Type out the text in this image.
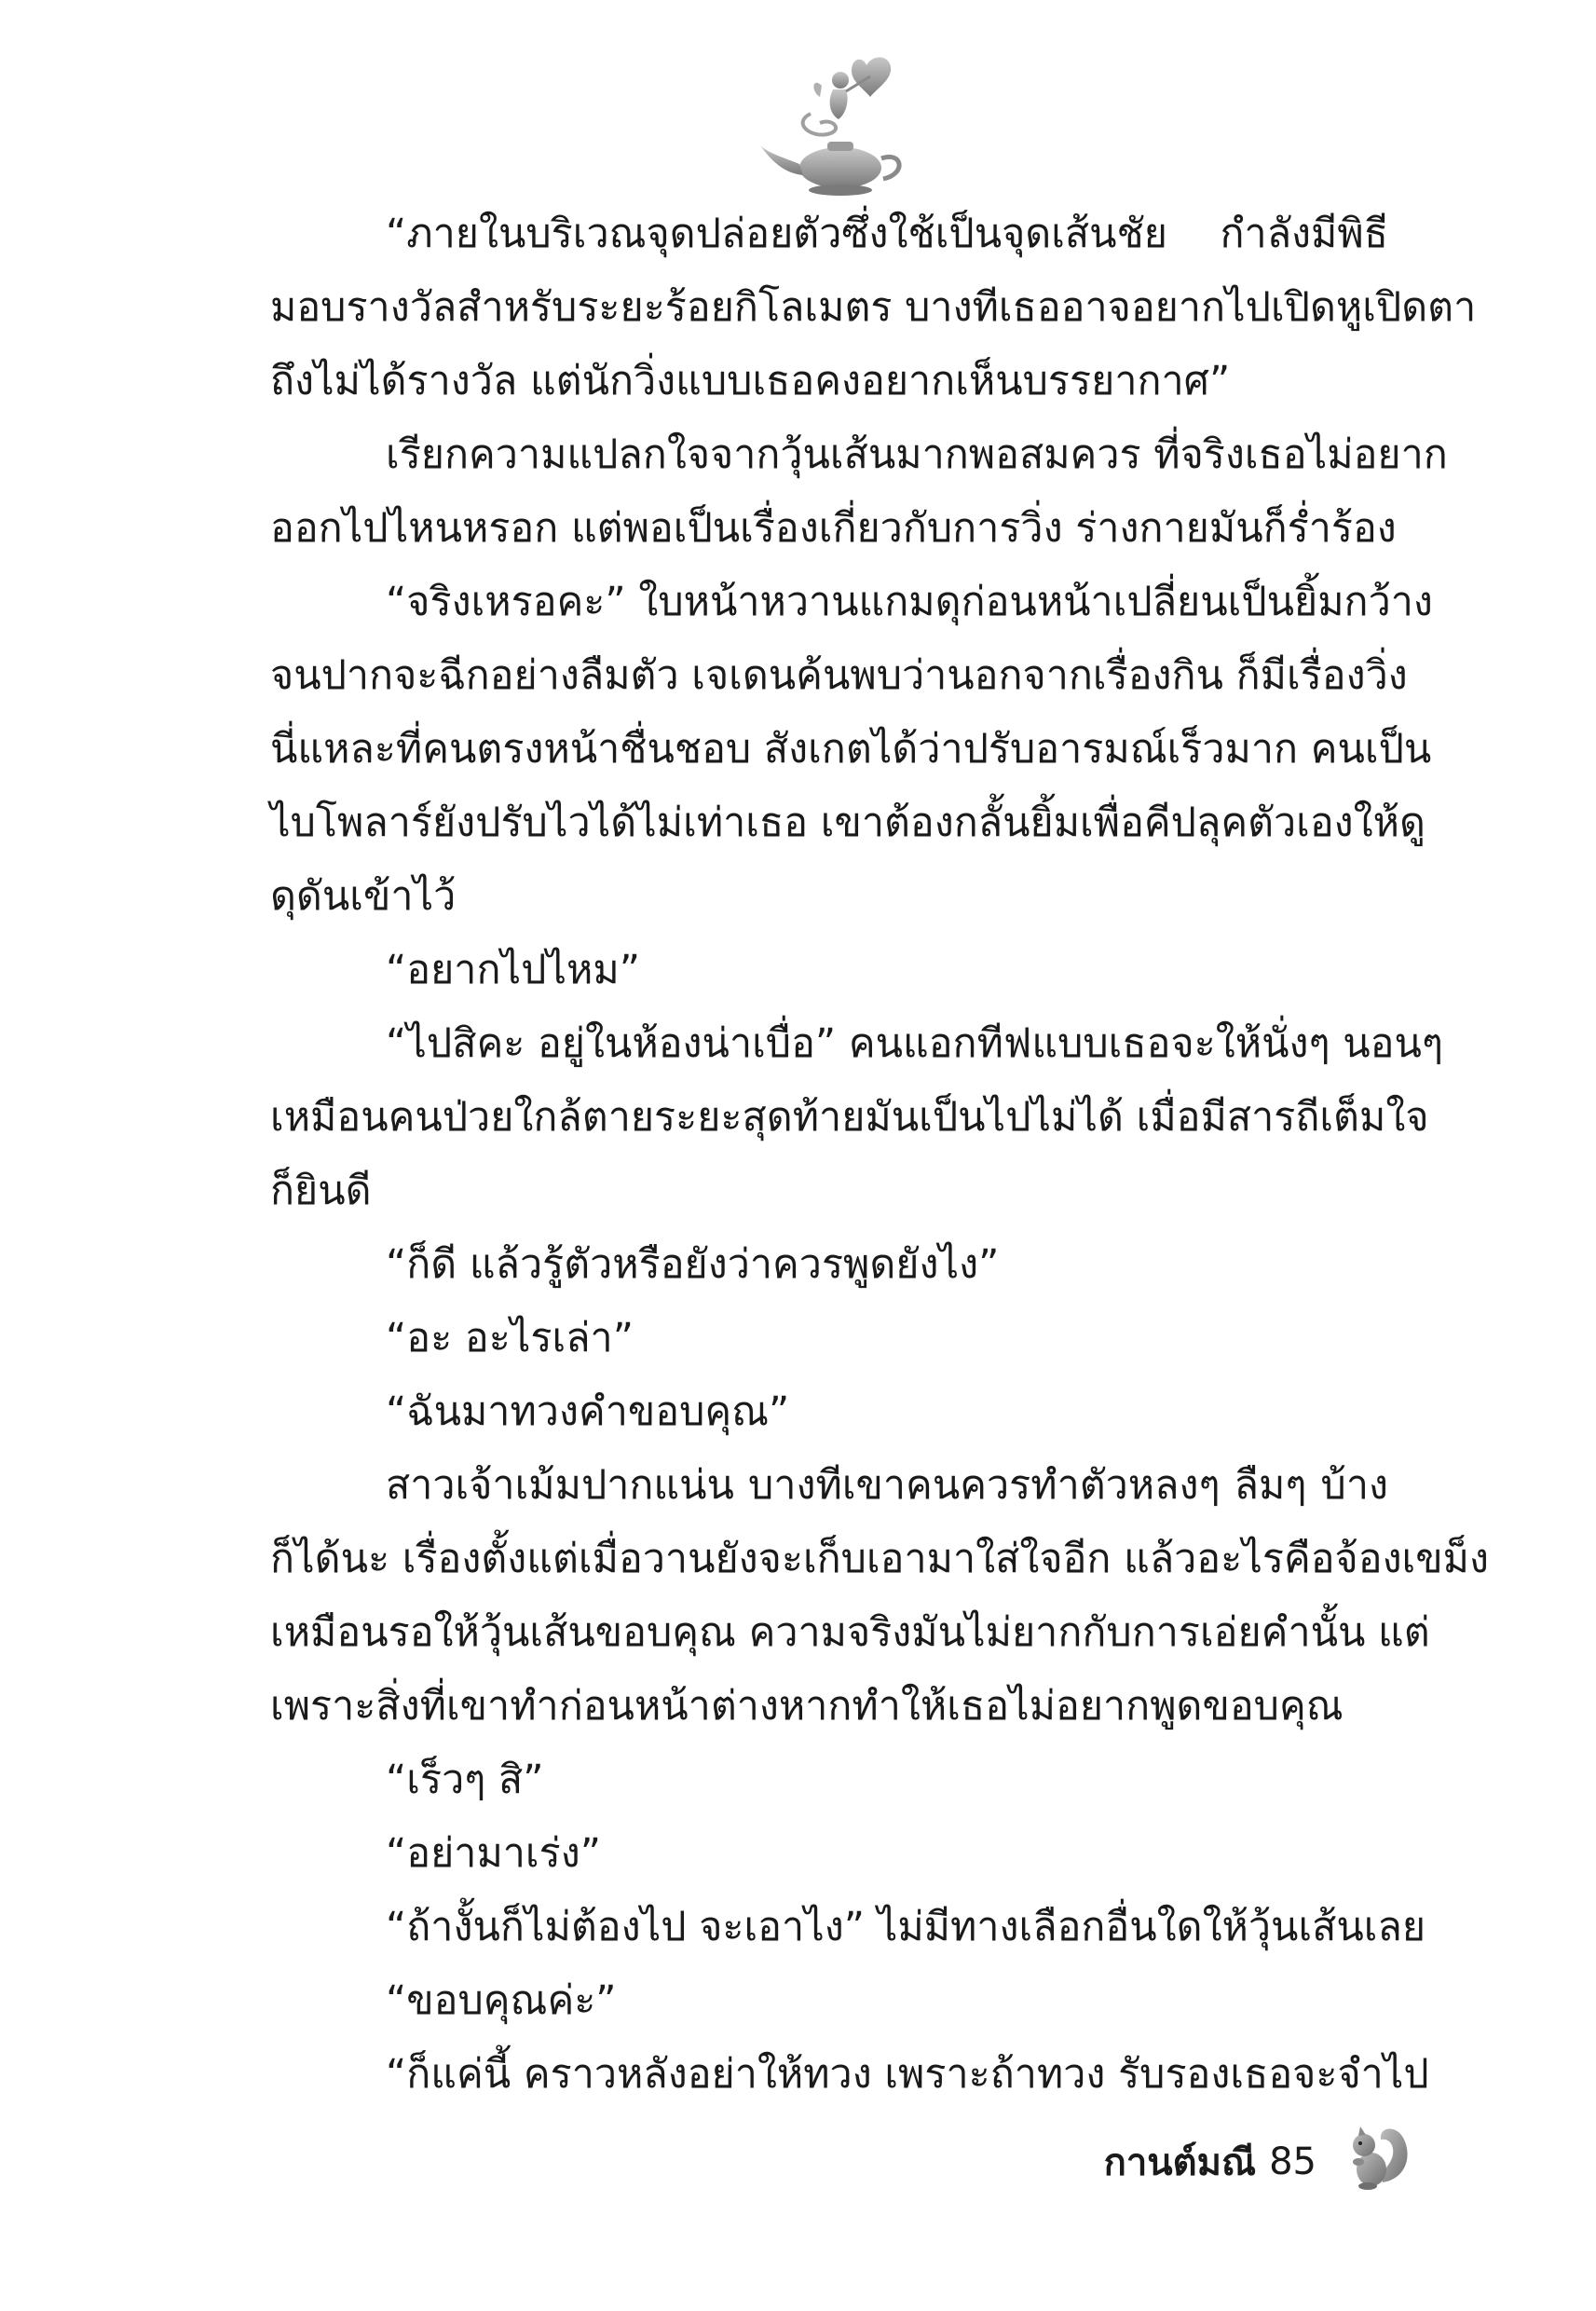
“ภายในบริเวณจุดปล่อยตัวซึ่งใช้เป็นจุดเส้นชัย กำลังมีพิธี
มอบรางวัลสำหรับระยะร้อยกิโลเมตร บางทีเธออาจอยากไปเปิดหูเปิดตา
ถึงไม่ได้รางวัล แต่นักวิ่งแบบเธอคงอยากเห็นบรรยากาศ”
เรียกความแปลกใจจากวุ้นเส้นมากพอสมควร ที่จริงเธอไม่อยาก
ออกไปไหนหรอก แต่พอเป็นเรื่องเกี่ยวกับการวิ่ง ร่างกายมันก็ร่ำร้อง
“จริงเหรอคะ” ใบหน้าหวานแกมดุก่อนหน้าเปลี่ยนเป็นยิ้มกว้าง
จนปากจะฉีกอย่างลืมตัว เจเดนค้นพบว่านอกจากเรื่องกิน ก็มีเรื่องวิ่ง
นี่แหละที่คนตรงหน้าชื่นชอบ สังเกตได้ว่าปรับอารมณ์เร็วมาก คนเป็น
ไบโพลาร์ยังปรับไวได้ไม่เท่าเธอ เขาต้องกลั้นยิ้มเพื่อคีปลุคตัวเองให้ดู
ดุดันเข้าไว้
“อยากไปไหม”
“ไปสิคะ อยู่ในห้องน่าเบื่อ” คนแอกทีฟแบบเธอจะให้นั่งๆ นอนๆ
เหมือนคนป่วยใกล้ตายระยะสุดท้ายมันเป็นไปไม่ได้ เมื่อมีสารถีเต็มใจ
ก็ยินดี
“ก็ดี แล้วรู้ตัวหรือยังว่าควรพูดยังไง”
“อะ อะไรเล่า”
“ฉันมาทวงคำขอบคุณ”
สาวเจ้าเม้มปากแน่น บางทีเขาคนควรทำตัวหลงๆ ลืมๆ บ้าง
ก็ได้นะ เรื่องตั้งแต่เมื่อวานยังจะเก็บเอามาใส่ใจอีก แล้วอะไรคือจ้องเขม็ง
เหมือนรอให้วุ้นเส้นขอบคุณ ความจริงมันไม่ยากกับการเอ่ยคำนั้น แต่
เพราะสิ่งที่เขาทำก่อนหน้าต่างหากทำให้เธอไม่อยากพูดขอบคุณ
“เร็วๆ สิ”
“อย่ามาเร่ง”
“ถ้างั้นก็ไม่ต้องไป จะเอาไง” ไม่มีทางเลือกอื่นใดให้วุ้นเส้นเลย
“ขอบคุณค่ะ”
“ก็แค่นี้ คราวหลังอย่าให้ทวง เพราะถ้าทวง รับรองเธอจะจำไป
กานต์มณี 85
